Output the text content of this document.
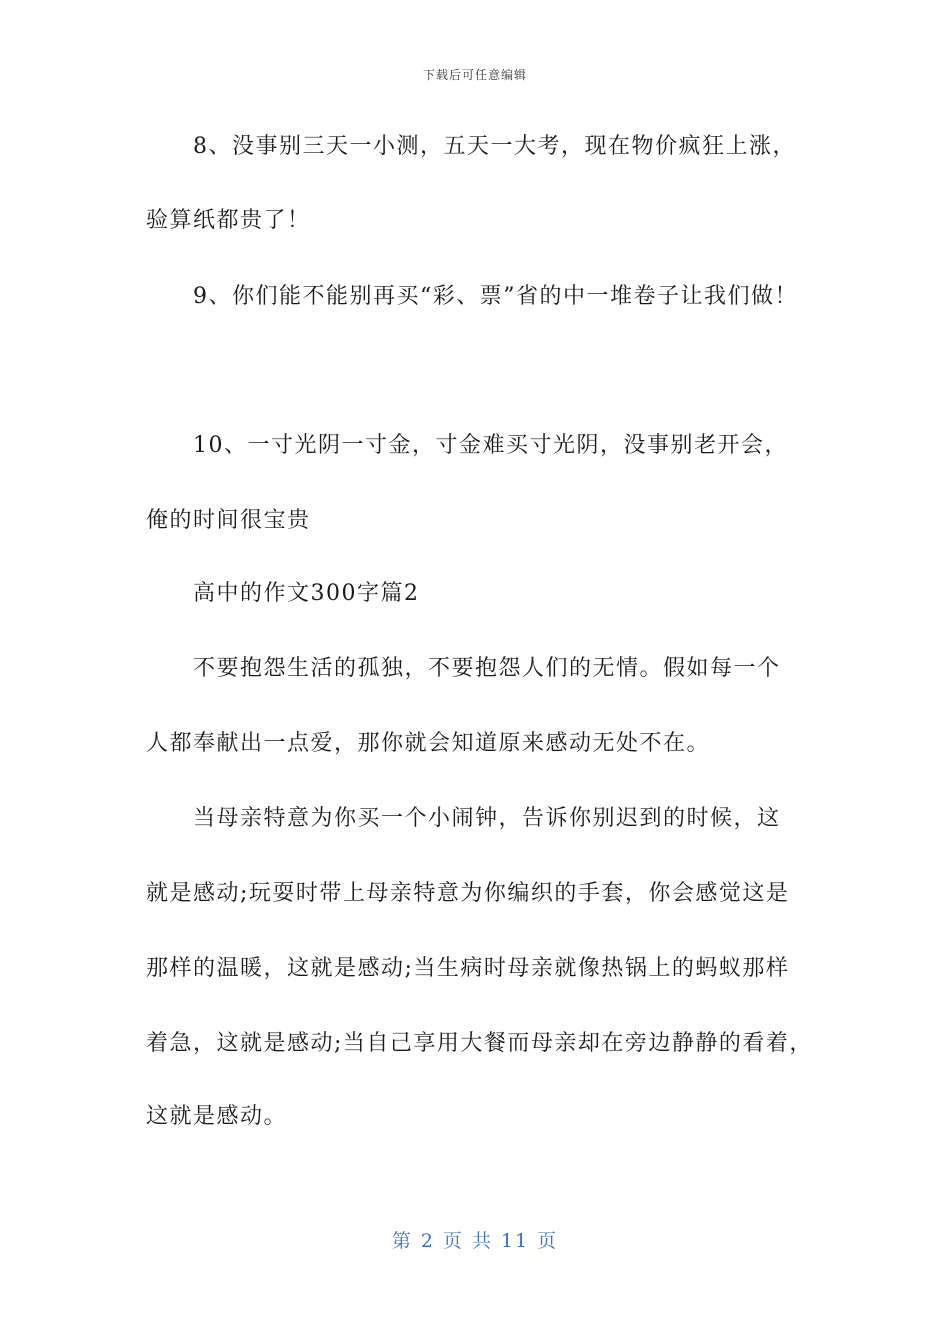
下载后可任意编辑
8、没事别三天一小测，五天一大考，现在物价疯狂上涨，
验算纸都贵了！
9、你们能不能别再买“彩、票”省的中一堆卷子让我们做！
10、一寸光阴一寸金，寸金难买寸光阴，没事别老开会，
俺的时间很宝贵
高中的作文300字篇2
不要抱怨生活的孤独，不要抱怨人们的无情。假如每一个
人都奉献出一点爱，那你就会知道原来感动无处不在。
当母亲特意为你买一个小闹钟，告诉你别迟到的时候，这
就是感动;玩耍时带上母亲特意为你编织的手套，你会感觉这是
那样的温暖，这就是感动;当生病时母亲就像热锅上的蚂蚁那样
着急，这就是感动;当自己享用大餐而母亲却在旁边静静的看着，
这就是感动。
第 2 页 共 11 页
